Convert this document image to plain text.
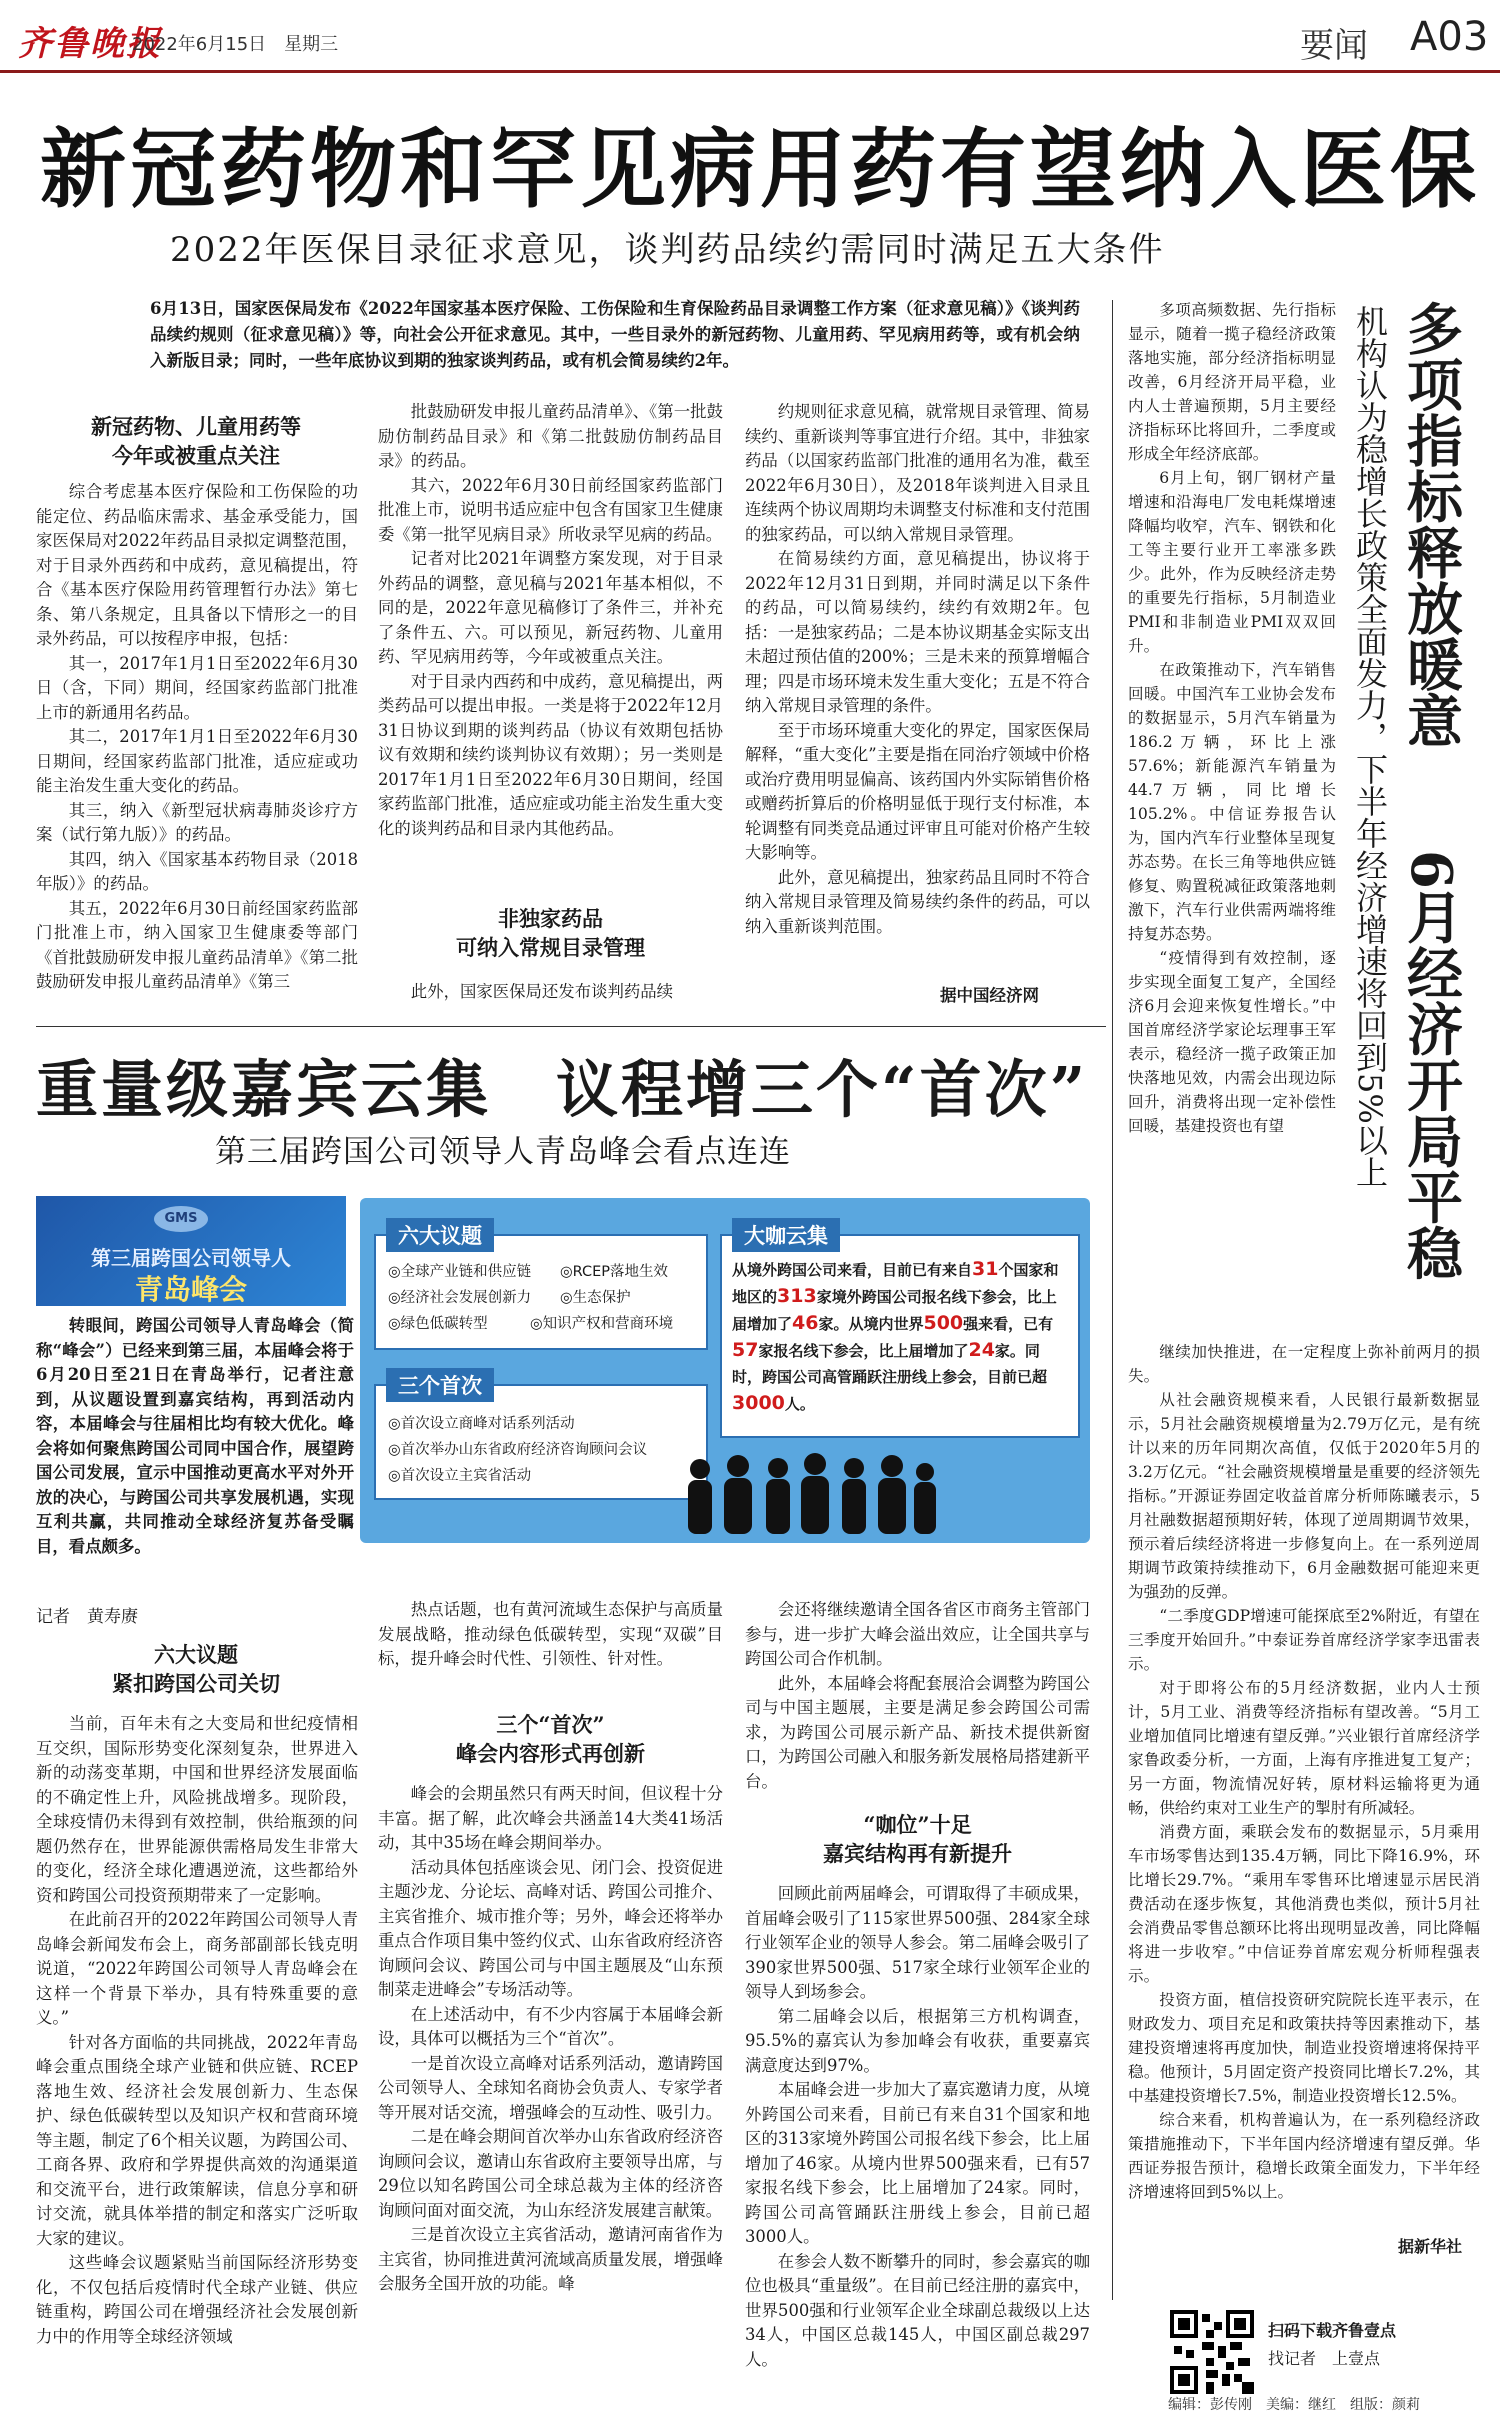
齐鲁晚报
2022年6月15日　星期三	要闻 A03
新冠药物和罕见病用药有望纳入医保
2022年医保目录征求意见，谈判药品续约需同时满足五大条件
6月13日，国家医保局发布《2022年国家基本医疗保险、工伤保险和生育保险药品目录调整工作方案（征求意见稿）》《谈判药品续约规则（征求意见稿）》等，向社会公开征求意见。其中，一些目录外的新冠药物、儿童用药、罕见病用药等，或有机会纳入新版目录；同时，一些年底协议到期的独家谈判药品，或有机会简易续约2年。
新冠药物、儿童用药等
今年或被重点关注

综合考虑基本医疗保险和工伤保险的功能定位、药品临床需求、基金承受能力，国家医保局对2022年药品目录拟定调整范围，对于目录外西药和中成药，意见稿提出，符合《基本医疗保险用药管理暂行办法》第七条、第八条规定，且具备以下情形之一的目录外药品，可以按程序申报，包括：

其一，2017年1月1日至2022年6月30日（含，下同）期间，经国家药监部门批准上市的新通用名药品。

其二，2017年1月1日至2022年6月30日期间，经国家药监部门批准，适应症或功能主治发生重大变化的药品。

其三，纳入《新型冠状病毒肺炎诊疗方案（试行第九版）》的药品。

其四，纳入《国家基本药物目录（2018年版）》的药品。

其五，2022年6月30日前经国家药监部门批准上市，纳入国家卫生健康委等部门《首批鼓励研发申报儿童药品清单》《第二批鼓励研发申报儿童药品清单》《第三

批鼓励研发申报儿童药品清单》、《第一批鼓励仿制药品目录》和《第二批鼓励仿制药品目录》的药品。

其六，2022年6月30日前经国家药监部门批准上市，说明书适应症中包含有国家卫生健康委《第一批罕见病目录》所收录罕见病的药品。

记者对比2021年调整方案发现，对于目录外药品的调整，意见稿与2021年基本相似，不同的是，2022年意见稿修订了条件三，并补充了条件五、六。可以预见，新冠药物、儿童用药、罕见病用药等，今年或被重点关注。

对于目录内西药和中成药，意见稿提出，两类药品可以提出申报。一类是将于2022年12月31日协议到期的谈判药品（协议有效期包括协议有效期和续约谈判协议有效期）；另一类则是2017年1月1日至2022年6月30日期间，经国家药监部门批准，适应症或功能主治发生重大变化的谈判药品和目录内其他药品。

非独家药品
可纳入常规目录管理

此外，国家医保局还发布谈判药品续

约规则征求意见稿，就常规目录管理、简易续约、重新谈判等事宜进行介绍。其中，非独家药品（以国家药监部门批准的通用名为准，截至2022年6月30日），及2018年谈判进入目录且连续两个协议周期均未调整支付标准和支付范围的独家药品，可以纳入常规目录管理。

在简易续约方面，意见稿提出，协议将于2022年12月31日到期，并同时满足以下条件的药品，可以简易续约，续约有效期2年。包括：一是独家药品；二是本协议期基金实际支出未超过预估值的200%；三是未来的预算增幅合理；四是市场环境未发生重大变化；五是不符合纳入常规目录管理的条件。

至于市场环境重大变化的界定，国家医保局解释，“重大变化”主要是指在同治疗领域中价格或治疗费用明显偏高、该药国内外实际销售价格或赠药折算后的价格明显低于现行支付标准，本轮调整有同类竞品通过评审且可能对价格产生较大影响等。

此外，意见稿提出，独家药品且同时不符合纳入常规目录管理及简易续约条件的药品，可以纳入重新谈判范围。

据中国经济网
多项指标释放暖意
6月经济开局平稳
机构认为稳增长政策全面发力，下半年经济增速将回到5%以上

多项高频数据、先行指标显示，随着一揽子稳经济政策落地实施，部分经济指标明显改善，6月经济开局平稳，业内人士普遍预期，5月主要经济指标环比将回升，二季度或形成全年经济底部。

6月上旬，钢厂钢材产量增速和沿海电厂发电耗煤增速降幅均收窄，汽车、钢铁和化工等主要行业开工率涨多跌少。此外，作为反映经济走势的重要先行指标，5月制造业PMI和非制造业PMI双双回升。

在政策推动下，汽车销售回暖。中国汽车工业协会发布的数据显示，5月汽车销量为186.2万辆，环比上涨57.6%；新能源汽车销量为44.7万辆，同比增长105.2%。中信证券报告认为，国内汽车行业整体呈现复苏态势。在长三角等地供应链修复、购置税减征政策落地刺激下，汽车行业供需两端将维持复苏态势。

“疫情得到有效控制，逐步实现全面复工复产，全国经济6月会迎来恢复性增长。”中国首席经济学家论坛理事王军表示，稳经济一揽子政策正加快落地见效，内需会出现边际回升，消费将出现一定补偿性回暖，基建投资也有望

继续加快推进，在一定程度上弥补前两月的损失。

从社会融资规模来看，人民银行最新数据显示，5月社会融资规模增量为2.79万亿元，是有统计以来的历年同期次高值，仅低于2020年5月的3.2万亿元。“社会融资规模增量是重要的经济领先指标。”开源证券固定收益首席分析师陈曦表示，5月社融数据超预期好转，体现了逆周期调节效果，预示着后续经济将进一步修复向上。在一系列逆周期调节政策持续推动下，6月金融数据可能迎来更为强劲的反弹。

“二季度GDP增速可能探底至2%附近，有望在三季度开始回升。”中泰证券首席经济学家李迅雷表示。

对于即将公布的5月经济数据，业内人士预计，5月工业、消费等经济指标有望改善。“5月工业增加值同比增速有望反弹。”兴业银行首席经济学家鲁政委分析，一方面，上海有序推进复工复产；另一方面，物流情况好转，原材料运输将更为通畅，供给约束对工业生产的掣肘有所减轻。

消费方面，乘联会发布的数据显示，5月乘用车市场零售达到135.4万辆，同比下降16.9%，环比增长29.7%。“乘用车零售环比增速显示居民消费活动在逐步恢复，其他消费也类似，预计5月社会消费品零售总额环比将出现明显改善，同比降幅将进一步收窄。”中信证券首席宏观分析师程强表示。

投资方面，植信投资研究院院长连平表示，在财政发力、项目充足和政策扶持等因素推动下，基建投资增速将再度加快，制造业投资增速将保持平稳。他预计，5月固定资产投资同比增长7.2%，其中基建投资增长7.5%，制造业投资增长12.5%。

综合来看，机构普遍认为，在一系列稳经济政策措施推动下，下半年国内经济增速有望反弹。华西证券报告预计，稳增长政策全面发力，下半年经济增速将回到5%以上。

据新华社
重量级嘉宾云集　议程增三个“首次”
第三届跨国公司领导人青岛峰会看点连连
GMS
第三届跨国公司领导人
青岛峰会

转眼间，跨国公司领导人青岛峰会（简称“峰会”）已经来到第三届，本届峰会将于6月20日至21日在青岛举行，记者注意到，从议题设置到嘉宾结构，再到活动内容，本届峰会与往届相比均有较大优化。峰会将如何聚焦跨国公司同中国合作，展望跨国公司发展，宣示中国推动更高水平对外开放的决心，与跨国公司共享发展机遇，实现互利共赢，共同推动全球经济复苏备受瞩目，看点颇多。

六大议题
◎全球产业链和供应链 ◎RCEP落地生效
◎经济社会发展创新力 ◎生态保护
◎绿色低碳转型	◎知识产权和营商环境
三个首次
◎首次设立商峰对话系列活动
◎首次举办山东省政府经济咨询顾问会议
◎首次设立主宾省活动
大咖云集
从境外跨国公司来看，目前已有来自31个国家和地区的313家境外跨国公司报名线下参会，比上届增加了46家。从境内世界500强来看，已有57家报名线下参会，比上届增加了24家。同时，跨国公司高管踊跃注册线上参会，目前已超3000人。
记者　黄寿赓
六大议题
紧扣跨国公司关切

当前，百年未有之大变局和世纪疫情相互交织，国际形势变化深刻复杂，世界进入新的动荡变革期，中国和世界经济发展面临的不确定性上升，风险挑战增多。现阶段，全球疫情仍未得到有效控制，供给瓶颈的问题仍然存在，世界能源供需格局发生非常大的变化，经济全球化遭遇逆流，这些都给外资和跨国公司投资预期带来了一定影响。

在此前召开的2022年跨国公司领导人青岛峰会新闻发布会上，商务部副部长钱克明说道，“2022年跨国公司领导人青岛峰会在这样一个背景下举办，具有特殊重要的意义。”

针对各方面临的共同挑战，2022年青岛峰会重点围绕全球产业链和供应链、RCEP落地生效、经济社会发展创新力、生态保护、绿色低碳转型以及知识产权和营商环境等主题，制定了6个相关议题，为跨国公司、工商各界、政府和学界提供高效的沟通渠道和交流平台，进行政策解读，信息分享和研讨交流，就具体举措的制定和落实广泛听取大家的建议。

这些峰会议题紧贴当前国际经济形势变化，不仅包括后疫情时代全球产业链、供应链重构，跨国公司在增强经济社会发展创新力中的作用等全球经济领域

热点话题，也有黄河流域生态保护与高质量发展战略，推动绿色低碳转型，实现“双碳”目标，提升峰会时代性、引领性、针对性。

三个“首次”
峰会内容形式再创新

峰会的会期虽然只有两天时间，但议程十分丰富。据了解，此次峰会共涵盖14大类41场活动，其中35场在峰会期间举办。

活动具体包括座谈会见、闭门会、投资促进主题沙龙、分论坛、高峰对话、跨国公司推介、主宾省推介、城市推介等；另外，峰会还将举办重点合作项目集中签约仪式、山东省政府经济咨询顾问会议、跨国公司与中国主题展及“山东预制菜走进峰会”专场活动等。

在上述活动中，有不少内容属于本届峰会新设，具体可以概括为三个“首次”。

一是首次设立高峰对话系列活动，邀请跨国公司领导人、全球知名商协会负责人、专家学者等开展对话交流，增强峰会的互动性、吸引力。

二是在峰会期间首次举办山东省政府经济咨询顾问会议，邀请山东省政府主要领导出席，与29位以知名跨国公司全球总裁为主体的经济咨询顾问面对面交流，为山东经济发展建言献策。

三是首次设立主宾省活动，邀请河南省作为主宾省，协同推进黄河流域高质量发展，增强峰会服务全国开放的功能。峰

会还将继续邀请全国各省区市商务主管部门参与，进一步扩大峰会溢出效应，让全国共享与跨国公司合作机制。

此外，本届峰会将配套展洽会调整为跨国公司与中国主题展，主要是满足参会跨国公司需求，为跨国公司展示新产品、新技术提供新窗口，为跨国公司融入和服务新发展格局搭建新平台。

“咖位”十足
嘉宾结构再有新提升

回顾此前两届峰会，可谓取得了丰硕成果，首届峰会吸引了115家世界500强、284家全球行业领军企业的领导人参会。第二届峰会吸引了390家世界500强、517家全球行业领军企业的领导人到场参会。

第二届峰会以后，根据第三方机构调查，95.5%的嘉宾认为参加峰会有收获，重要嘉宾满意度达到97%。

本届峰会进一步加大了嘉宾邀请力度，从境外跨国公司来看，目前已有来自31个国家和地区的313家境外跨国公司报名线下参会，比上届增加了46家。从境内世界500强来看，已有57家报名线下参会，比上届增加了24家。同时，跨国公司高管踊跃注册线上参会，目前已超3000人。

在参会人数不断攀升的同时，参会嘉宾的咖位也极具“重量级”。在目前已经注册的嘉宾中，世界500强和行业领军企业全球副总裁级以上达34人，中国区总裁145人，中国区副总裁297人。

扫码下载齐鲁壹点
找记者　上壹点
编辑：彭传刚　美编：继红　组版：颜莉
